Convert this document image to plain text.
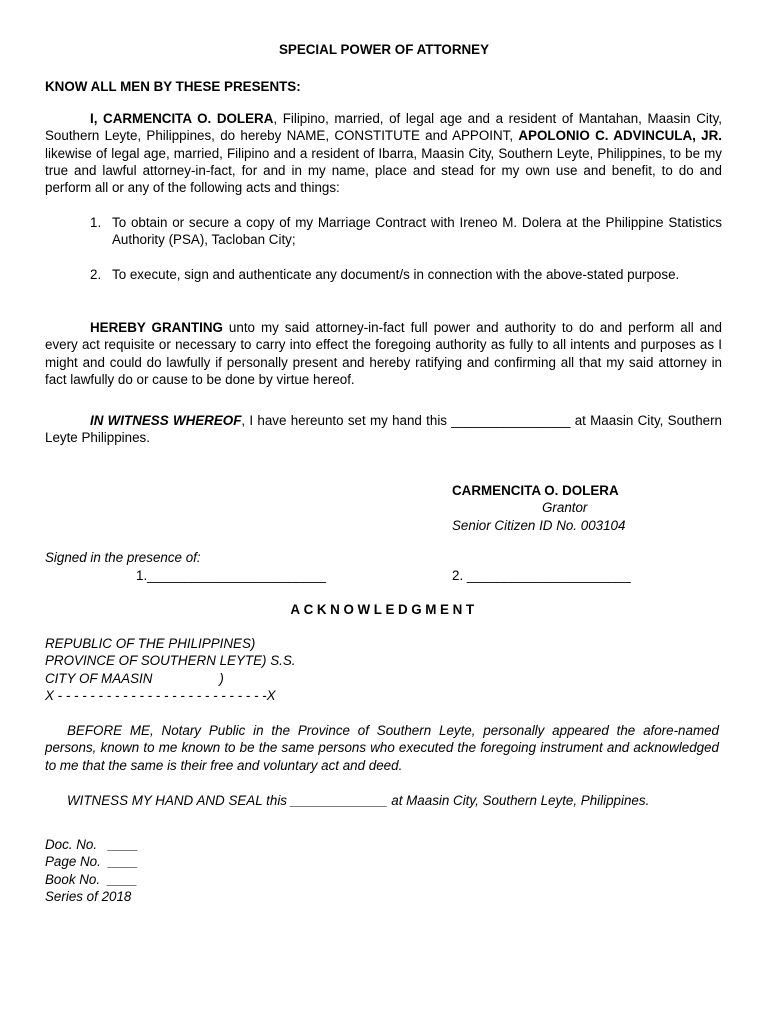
SPECIAL POWER OF ATTORNEY
KNOW ALL MEN BY THESE PRESENTS:
I, CARMENCITA O. DOLERA, Filipino, married, of legal age and a resident of Mantahan, Maasin City, Southern Leyte, Philippines, do hereby NAME, CONSTITUTE and APPOINT, APOLONIO C. ADVINCULA, JR. likewise of legal age, married, Filipino and a resident of Ibarra, Maasin City, Southern Leyte, Philippines, to be my true and lawful attorney-in-fact, for and in my name, place and stead for my own use and benefit, to do and perform all or any of the following acts and things:
1. To obtain or secure a copy of my Marriage Contract with Ireneo M. Dolera at the Philippine Statistics Authority (PSA), Tacloban City;
2. To execute, sign and authenticate any document/s in connection with the above-stated purpose.
HEREBY GRANTING unto my said attorney-in-fact full power and authority to do and perform all and every act requisite or necessary to carry into effect the foregoing authority as fully to all intents and purposes as I might and could do lawfully if personally present and hereby ratifying and confirming all that my said attorney in fact lawfully do or cause to be done by virtue hereof.
IN WITNESS WHEREOF, I have hereunto set my hand this ________________ at Maasin City, Southern Leyte Philippines.
CARMENCITA O. DOLERA
Grantor
Senior Citizen ID No. 003104
Signed in the presence of:
1.________________________	2. ______________________
ACKNOWLEDGMENT
REPUBLIC OF THE PHILIPPINES)
PROVINCE OF SOUTHERN LEYTE) S.S.
CITY OF MAASIN                  )
X - - - - - - - - - - - - - - - - - - - - - - - - - -X
BEFORE ME, Notary Public in the Province of Southern Leyte, personally appeared the afore-named persons, known to me known to be the same persons who executed the foregoing instrument and acknowledged to me that the same is their free and voluntary act and deed.
WITNESS MY HAND AND SEAL this _____________ at Maasin City, Southern Leyte, Philippines.
Doc. No.   ____
Page No.  ____
Book No.  ____
Series of 2018
